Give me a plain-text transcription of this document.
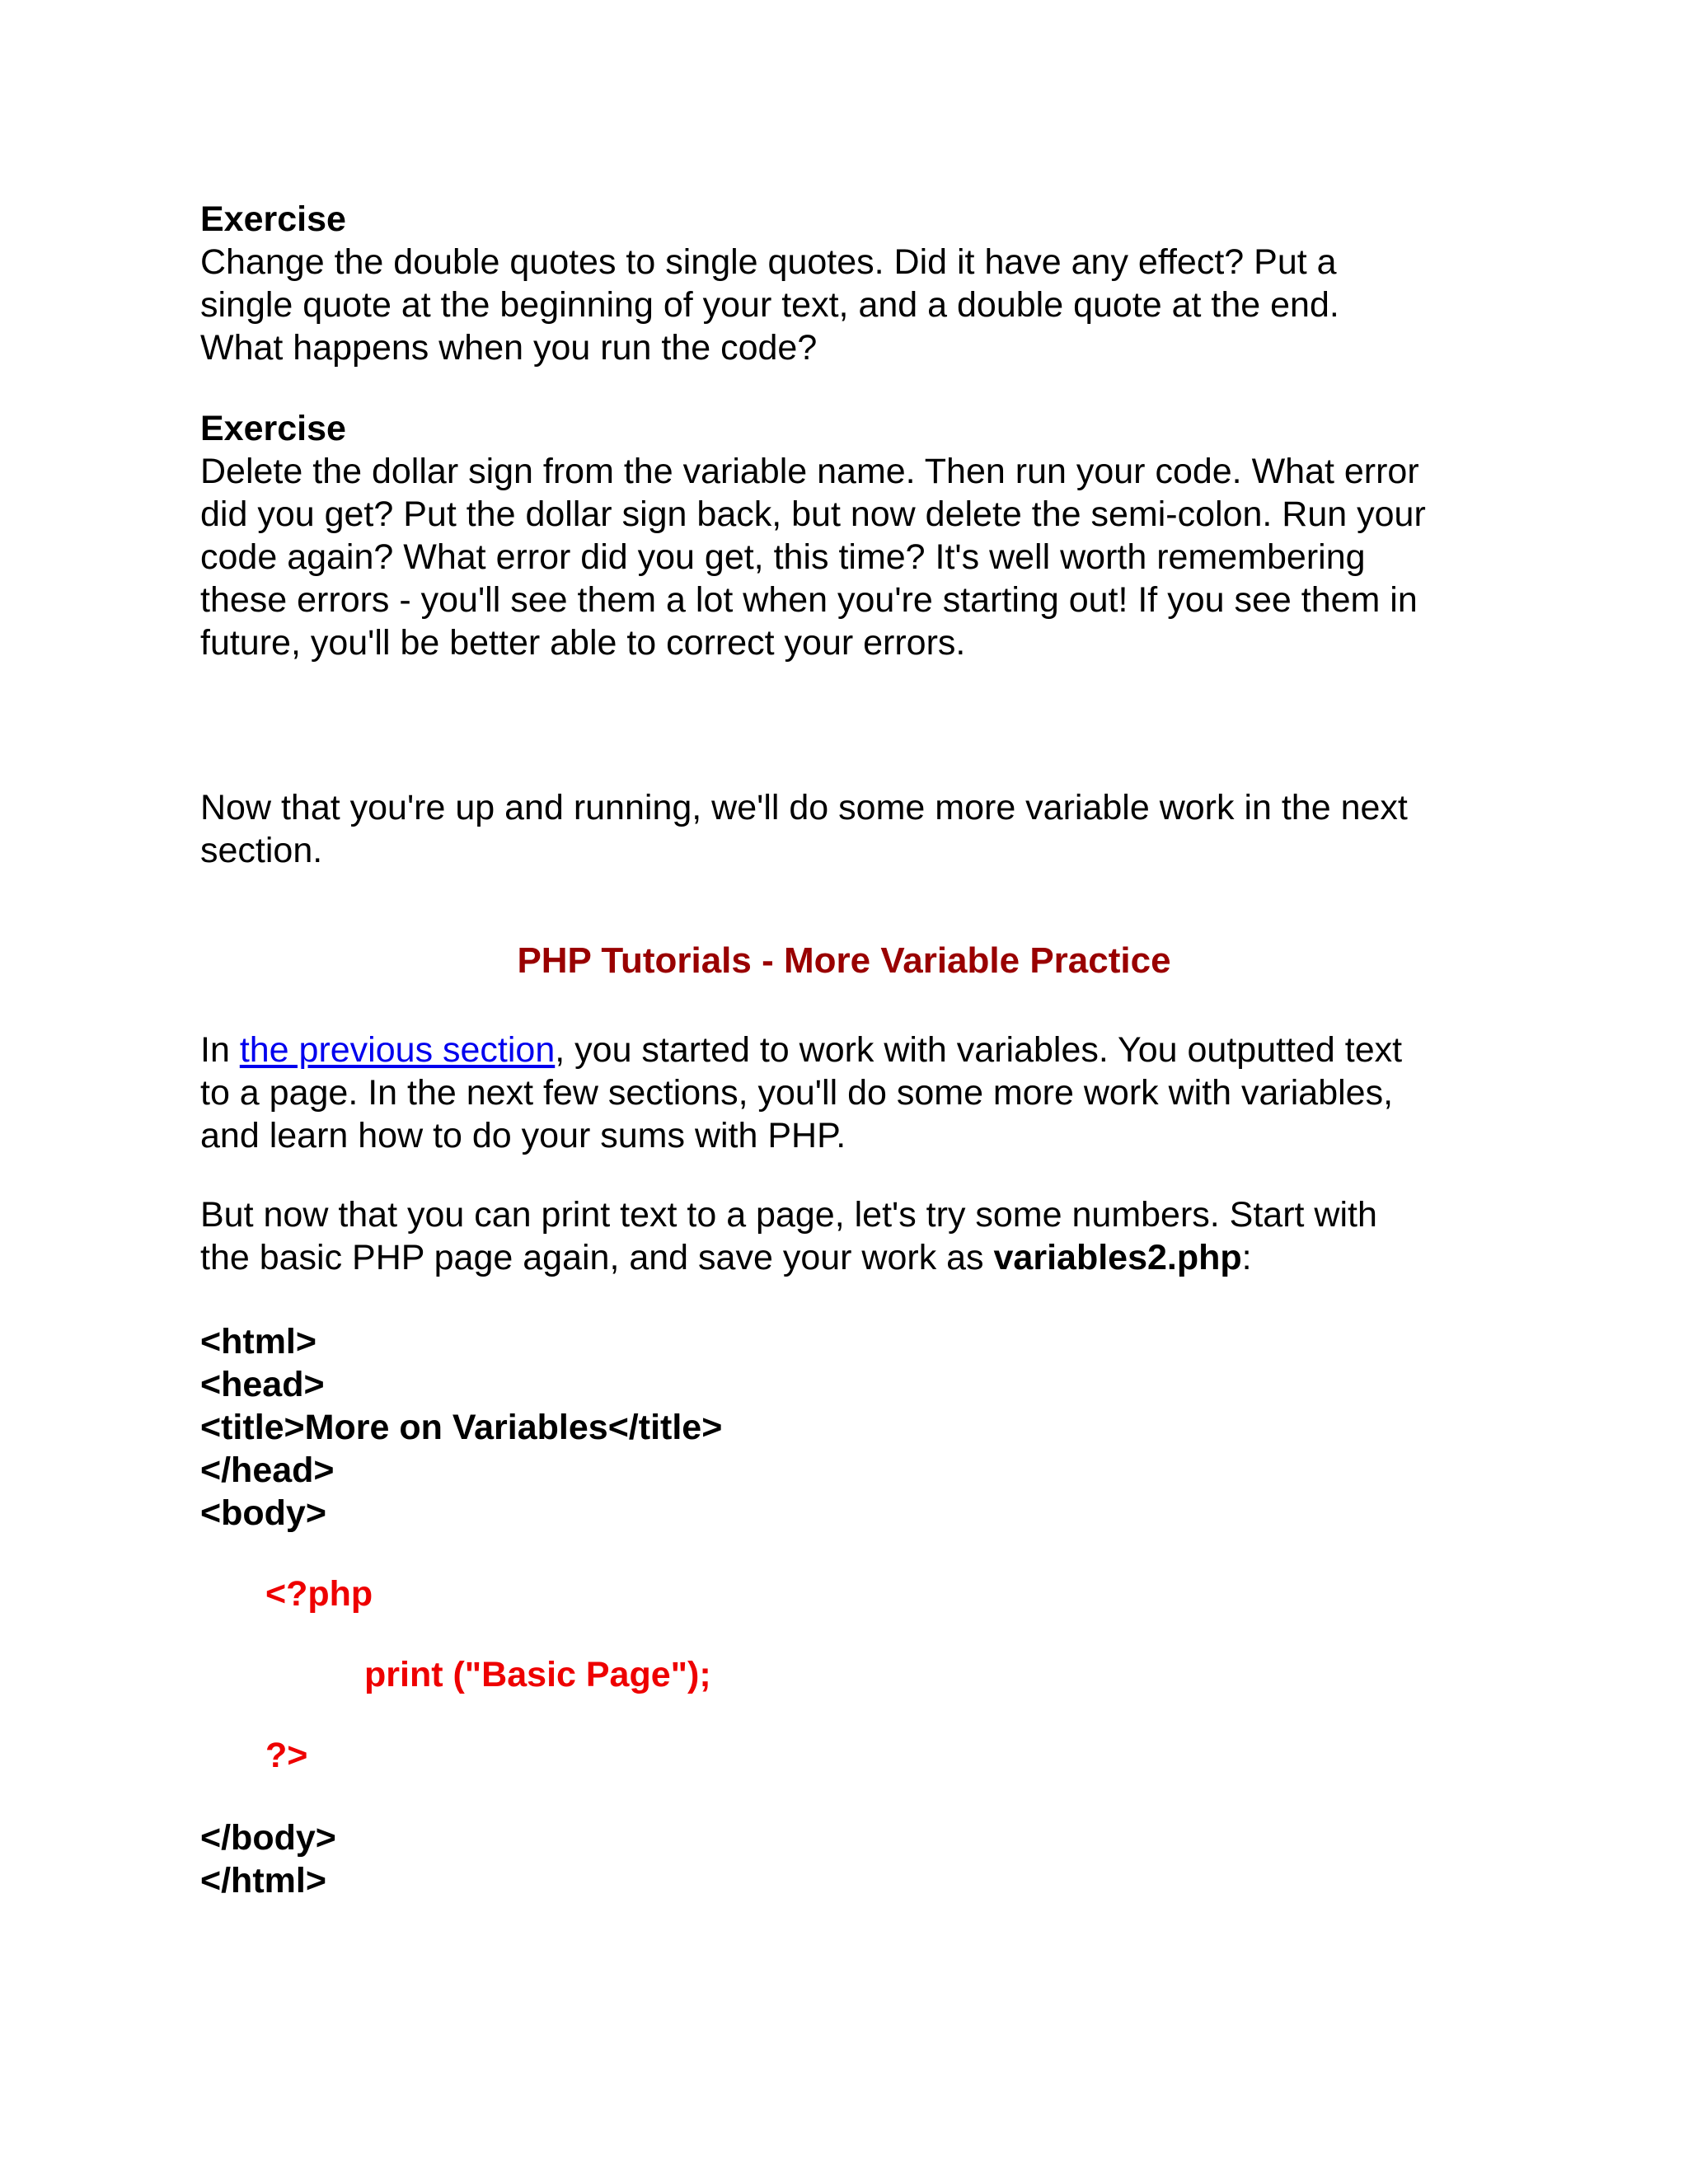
Exercise

Change the double quotes to single quotes. Did it have any effect? Put a
single quote at the beginning of your text, and a double quote at the end.
What happens when you run the code?

Exercise

Delete the dollar sign from the variable name. Then run your code. What error
did you get? Put the dollar sign back, but now delete the semi-colon. Run your
code again? What error did you get, this time? It's well worth remembering
these errors - you'll see them a lot when you're starting out! If you see them in
future, you'll be better able to correct your errors.

Now that you're up and running, we'll do some more variable work in the next
section.

PHP Tutorials - More Variable Practice

In the previous section, you started to work with variables. You outputted text
to a page. In the next few sections, you'll do some more work with variables,
and learn how to do your sums with PHP.

But now that you can print text to a page, let's try some numbers. Start with
the basic PHP page again, and save your work as variables2.php:

<html>

<head>

<title>More on Variables</title>

</head>

<body>

<?php

print ("Basic Page");

?>

</body>

</html>
